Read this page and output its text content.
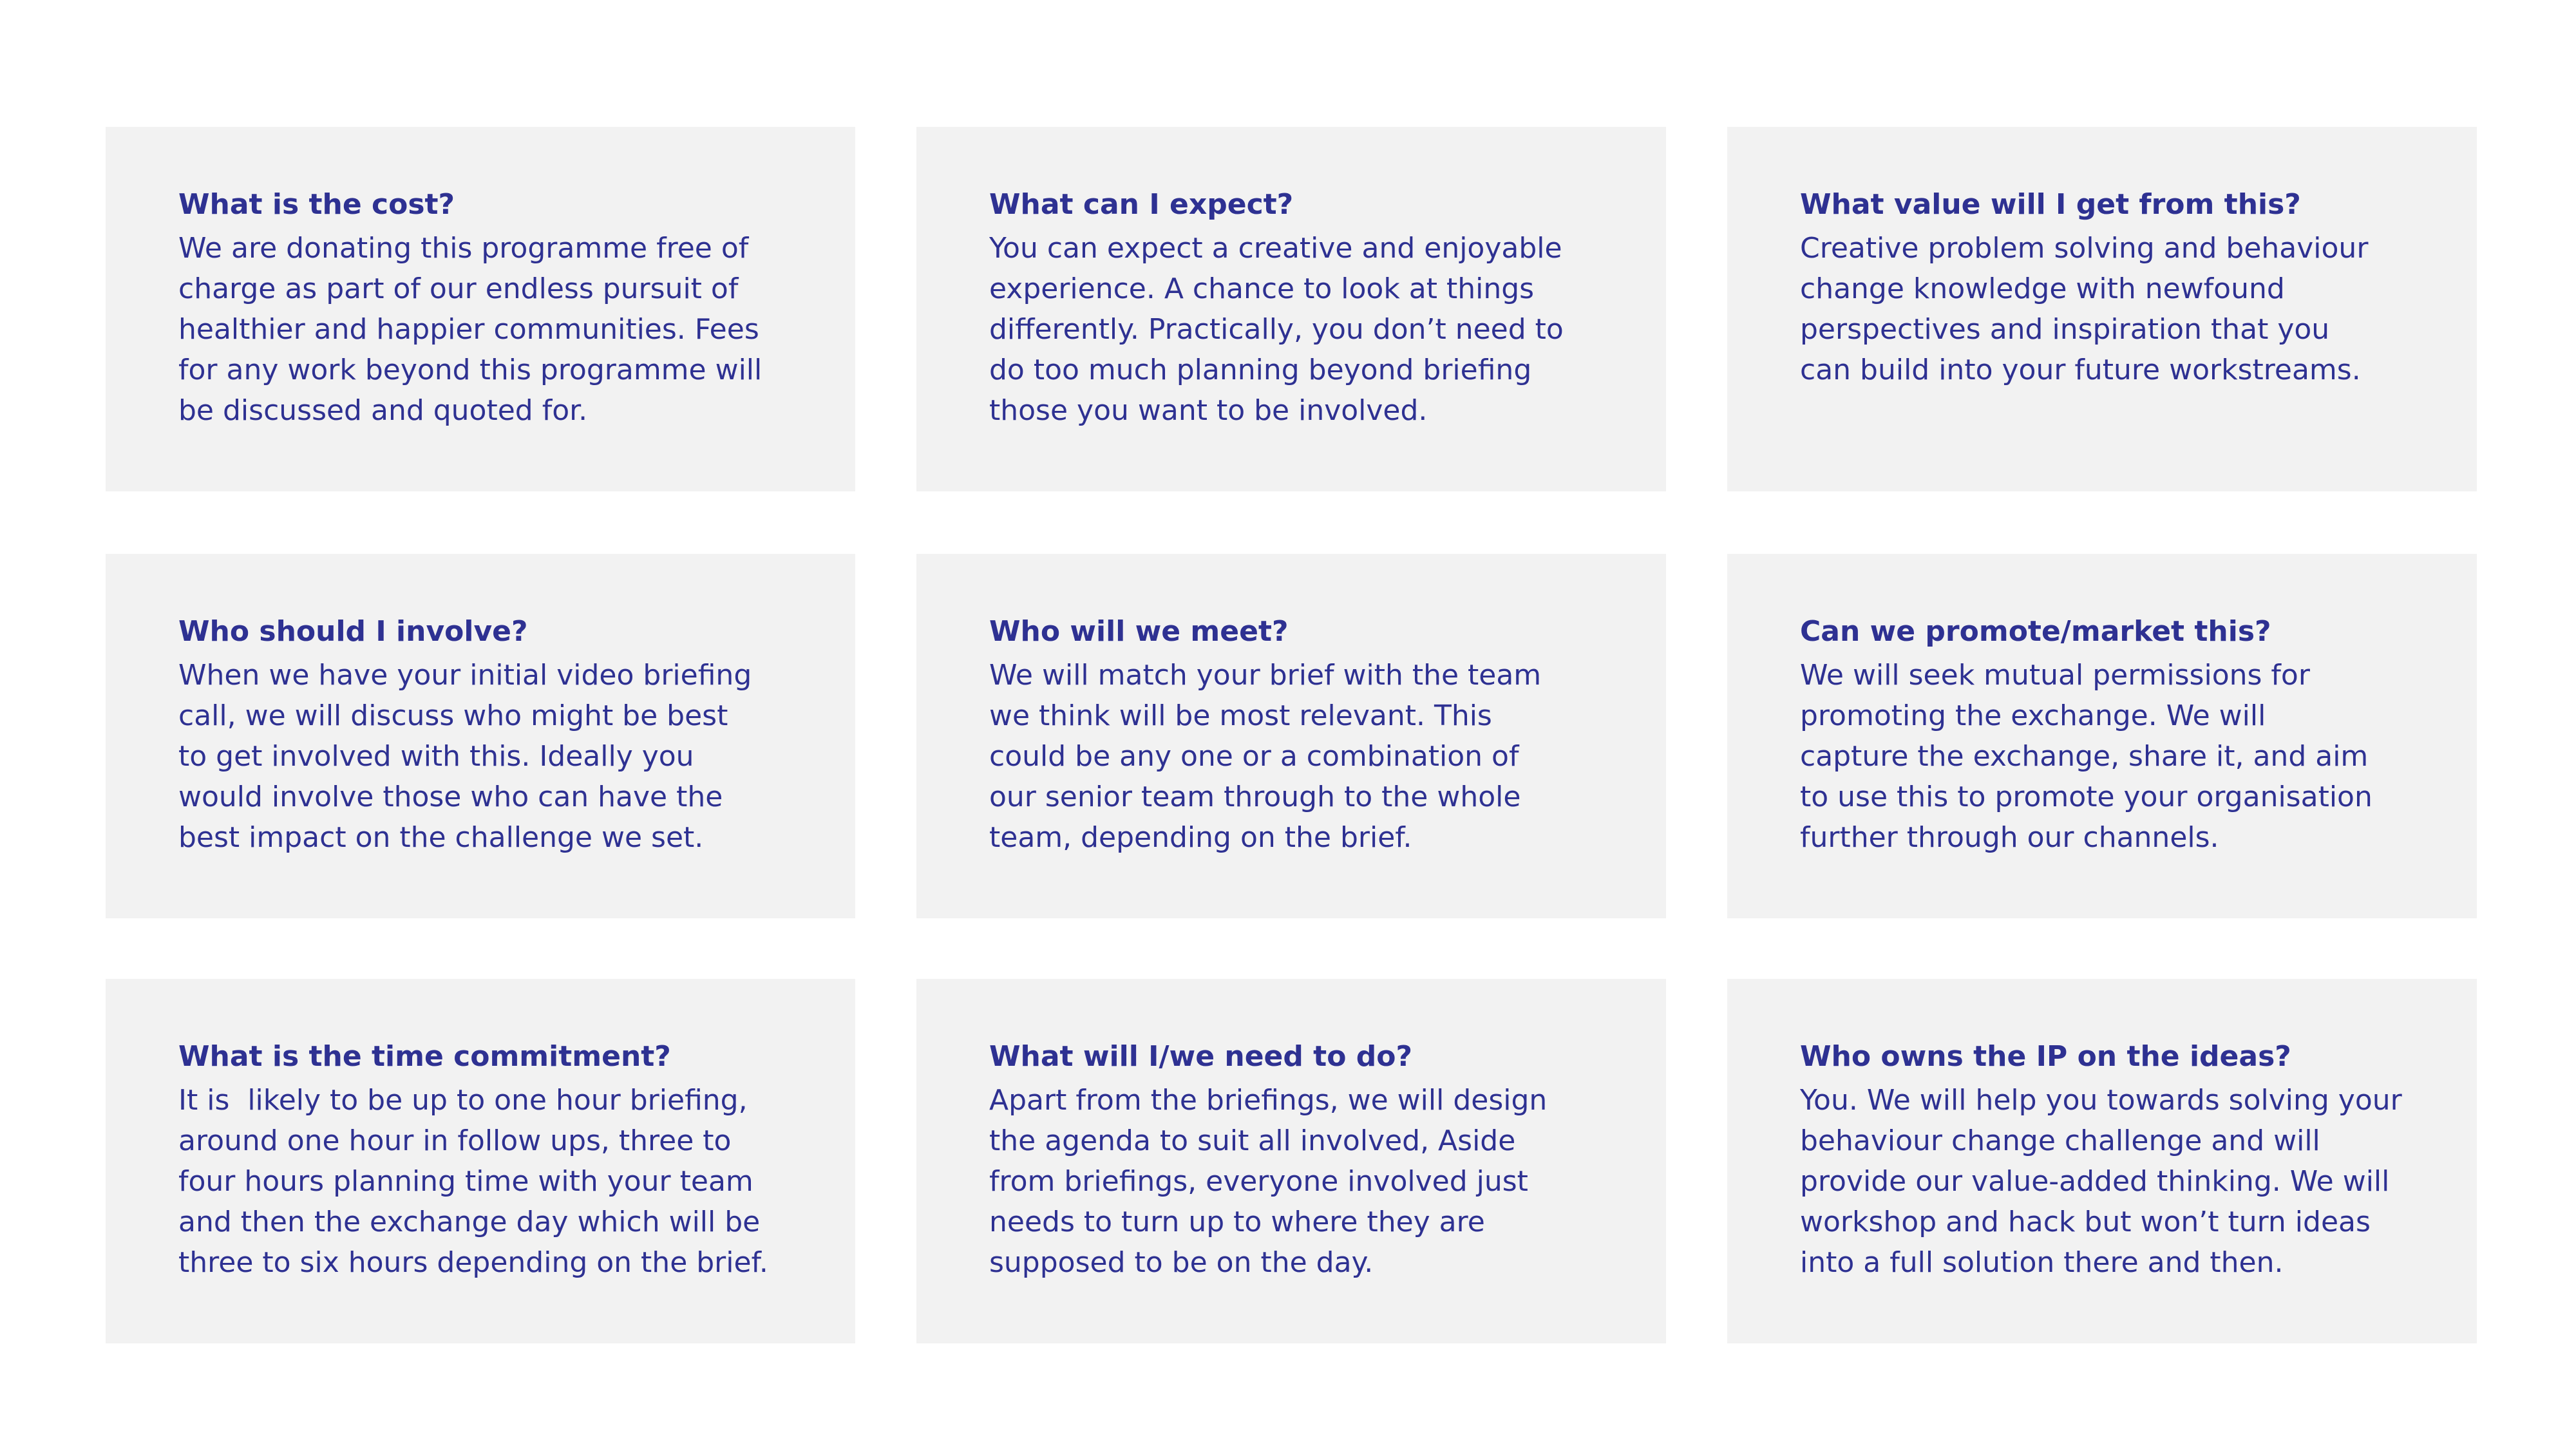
What is the cost?
We are donating this programme free of
charge as part of our endless pursuit of
healthier and happier communities. Fees
for any work beyond this programme will
be discussed and quoted for.
What can I expect?
You can expect a creative and enjoyable
experience. A chance to look at things
differently. Practically, you don’t need to
do too much planning beyond briefing
those you want to be involved.
What value will I get from this?
Creative problem solving and behaviour
change knowledge with newfound
perspectives and inspiration that you
can build into your future workstreams.
Who should I involve?
When we have your initial video briefing
call, we will discuss who might be best
to get involved with this. Ideally you
would involve those who can have the
best impact on the challenge we set.
Who will we meet?
We will match your brief with the team
we think will be most relevant. This
could be any one or a combination of
our senior team through to the whole
team, depending on the brief.
Can we promote/market this?
We will seek mutual permissions for
promoting the exchange. We will
capture the exchange, share it, and aim
to use this to promote your organisation
further through our channels.
What is the time commitment?
It is  likely to be up to one hour briefing,
around one hour in follow ups, three to
four hours planning time with your team
and then the exchange day which will be
three to six hours depending on the brief.
What will I/we need to do?
Apart from the briefings, we will design
the agenda to suit all involved, Aside
from briefings, everyone involved just
needs to turn up to where they are
supposed to be on the day.
Who owns the IP on the ideas?
You. We will help you towards solving your
behaviour change challenge and will
provide our value-added thinking. We will
workshop and hack but won’t turn ideas
into a full solution there and then.
